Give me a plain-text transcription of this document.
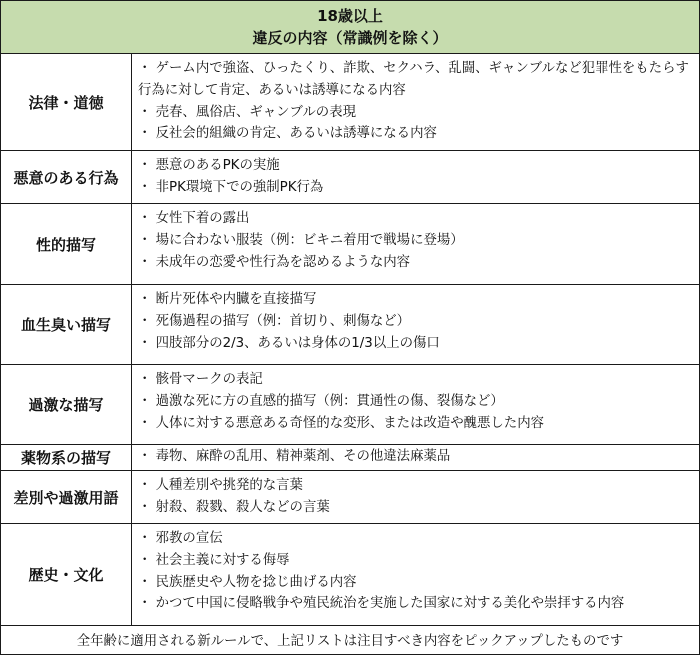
18歳以上
違反の内容（常識例を除く）
法律・道徳
・ ゲーム内で強盗、ひったくり、詐欺、セクハラ、乱闘、ギャンブルなど犯罪性をもたらす行為に対して肯定、あるいは誘導になる内容
・ 売春、風俗店、ギャンブルの表現
・ 反社会的組織の肯定、あるいは誘導になる内容
悪意のある行為
・ 悪意のあるPKの実施
・ 非PK環境下での強制PK行為
性的描写
・ 女性下着の露出
・ 場に合わない服装（例：ビキニ着用で戦場に登場）
・ 未成年の恋愛や性行為を認めるような内容
血生臭い描写
・ 断片死体や内臓を直接描写
・ 死傷過程の描写（例：首切り、刺傷など）
・ 四肢部分の2/3、あるいは身体の1/3以上の傷口
過激な描写
・ 骸骨マークの表記
・ 過激な死に方の直感的描写（例：貫通性の傷、裂傷など）
・ 人体に対する悪意ある奇怪的な変形、または改造や醜悪した内容
薬物系の描写	・ 毒物、麻酔の乱用、精神薬剤、その他違法麻薬品
差別や過激用語
・ 人種差別や挑発的な言葉
・ 射殺、殺戮、殺人などの言葉
歴史・文化
・ 邪教の宣伝
・ 社会主義に対する侮辱
・ 民族歴史や人物を捻じ曲げる内容
・ かつて中国に侵略戦争や殖民統治を実施した国家に対する美化や崇拝する内容
全年齢に適用される新ルールで、上記リストは注目すべき内容をピックアップしたものです
